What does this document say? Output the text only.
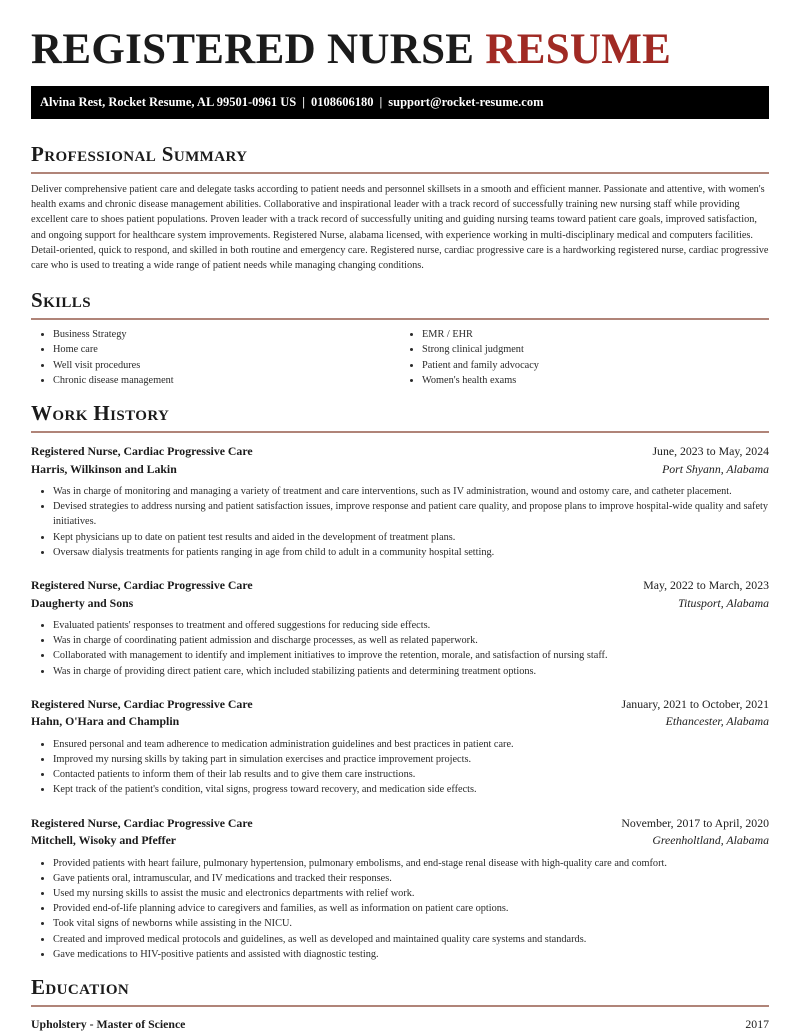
REGISTERED NURSE RESUME
Alvina Rest, Rocket Resume, AL 99501-0961 US | 0108606180 | support@rocket-resume.com
Professional Summary

Deliver comprehensive patient care and delegate tasks according to patient needs and personnel skillsets in a smooth and efficient manner. Passionate and attentive, with women's health exams and chronic disease management abilities. Collaborative and inspirational leader with a track record of successfully training new nursing staff while providing excellent care to shoes patient populations. Proven leader with a track record of successfully uniting and guiding nursing teams toward patient care goals, improved satisfaction, and ongoing support for healthcare system improvements. Registered Nurse, alabama licensed, with experience working in multi-disciplinary medical and computers facilities. Detail-oriented, quick to respond, and skilled in both routine and emergency care. Registered nurse, cardiac progressive care is a hardworking registered nurse, cardiac progressive care who is used to treating a wide range of patient needs while managing changing conditions.

Skills
• Business Strategy
• Home care
• Well visit procedures
• Chronic disease management
• EMR / EHR
• Strong clinical judgment
• Patient and family advocacy
• Women's health exams
Work History
Registered Nurse, Cardiac Progressive Care	June, 2023 to May, 2024
Harris, Wilkinson and Lakin	Port Shyann, Alabama
• Was in charge of monitoring and managing a variety of treatment and care interventions, such as IV administration, wound and ostomy care, and catheter placement.
• Devised strategies to address nursing and patient satisfaction issues, improve response and patient care quality, and propose plans to improve hospital-wide quality and safety initiatives.
• Kept physicians up to date on patient test results and aided in the development of treatment plans.
• Oversaw dialysis treatments for patients ranging in age from child to adult in a community hospital setting.
Registered Nurse, Cardiac Progressive Care	May, 2022 to March, 2023
Daugherty and Sons	Titusport, Alabama
• Evaluated patients' responses to treatment and offered suggestions for reducing side effects.
• Was in charge of coordinating patient admission and discharge processes, as well as related paperwork.
• Collaborated with management to identify and implement initiatives to improve the retention, morale, and satisfaction of nursing staff.
• Was in charge of providing direct patient care, which included stabilizing patients and determining treatment options.
Registered Nurse, Cardiac Progressive Care	January, 2021 to October, 2021
Hahn, O'Hara and Champlin	Ethancester, Alabama
• Ensured personal and team adherence to medication administration guidelines and best practices in patient care.
• Improved my nursing skills by taking part in simulation exercises and practice improvement projects.
• Contacted patients to inform them of their lab results and to give them care instructions.
• Kept track of the patient's condition, vital signs, progress toward recovery, and medication side effects.
Registered Nurse, Cardiac Progressive Care	November, 2017 to April, 2020
Mitchell, Wisoky and Pfeffer	Greenholtland, Alabama
• Provided patients with heart failure, pulmonary hypertension, pulmonary embolisms, and end-stage renal disease with high-quality care and comfort.
• Gave patients oral, intramuscular, and IV medications and tracked their responses.
• Used my nursing skills to assist the music and electronics departments with relief work.
• Provided end-of-life planning advice to caregivers and families, as well as information on patient care options.
• Took vital signs of newborns while assisting in the NICU.
• Created and improved medical protocols and guidelines, as well as developed and maintained quality care systems and standards.
• Gave medications to HIV-positive patients and assisted with diagnostic testing.
Education
Upholstery - Master of Science	2017
